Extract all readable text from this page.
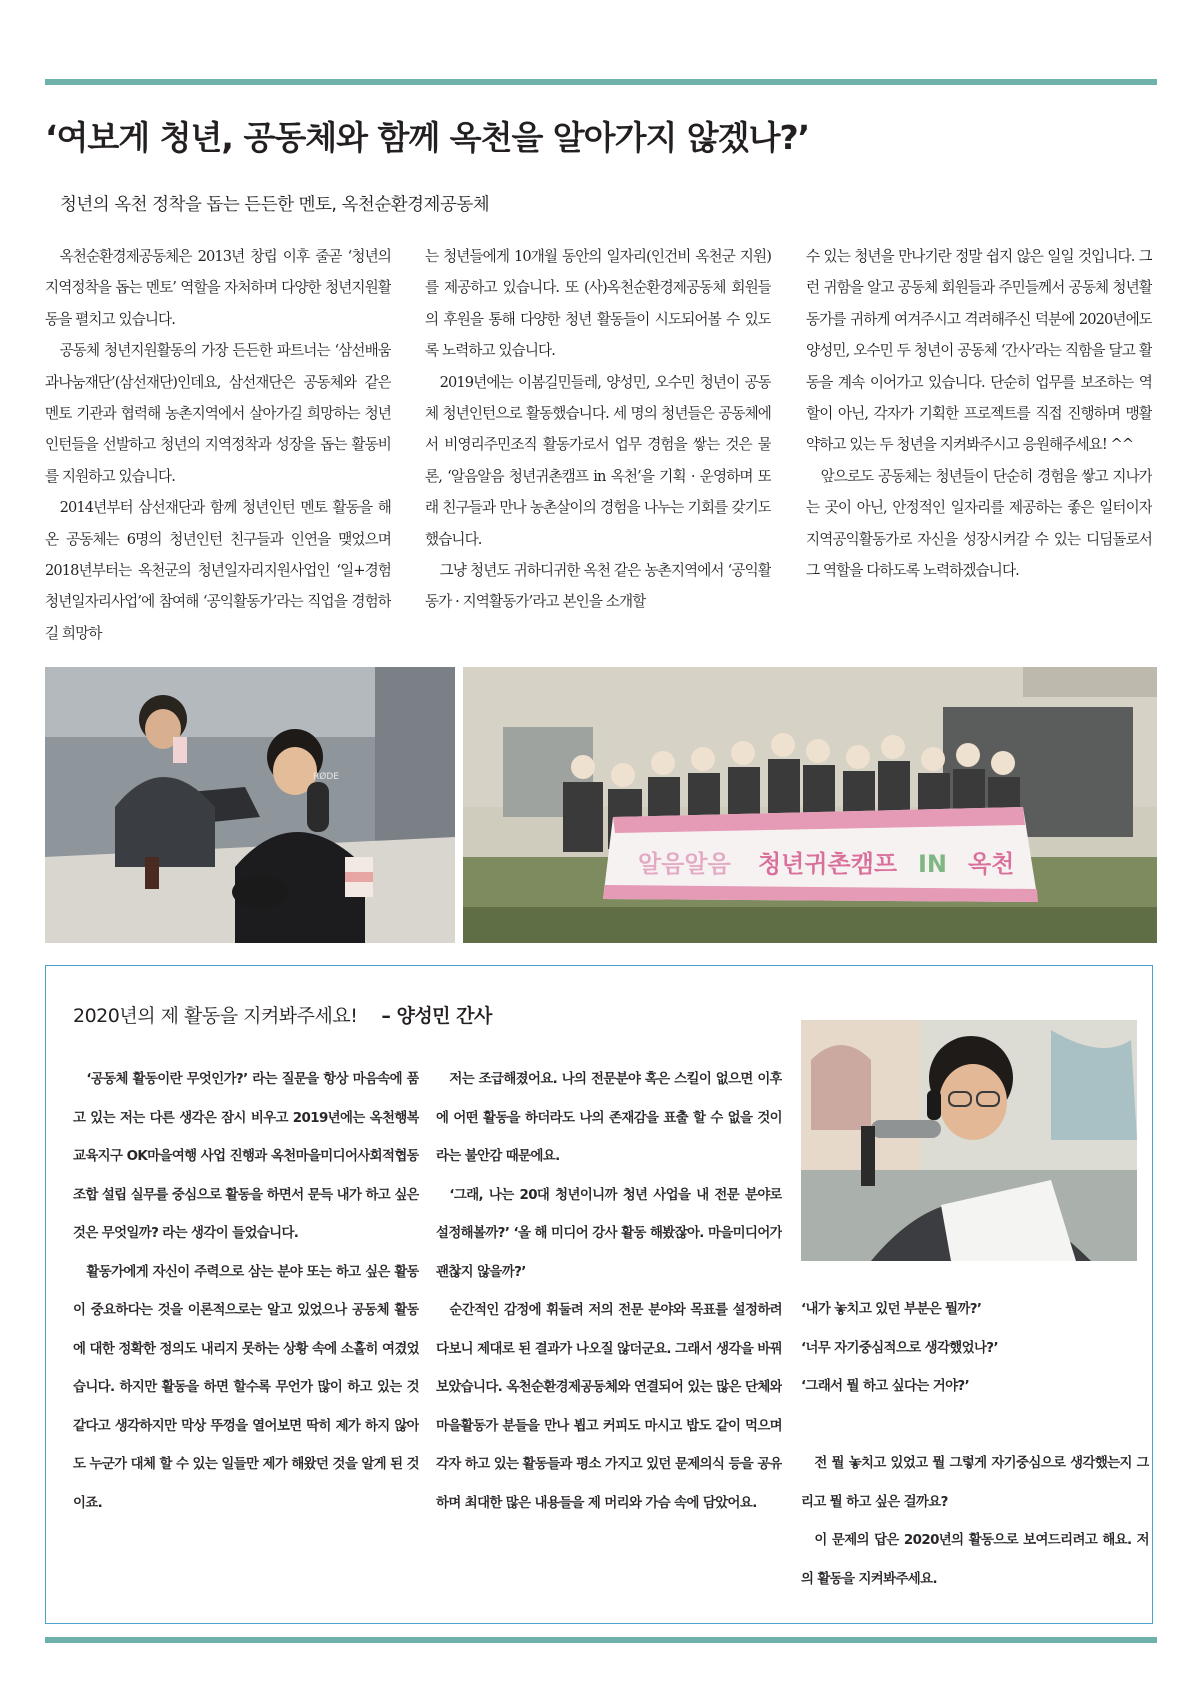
‘여보게 청년, 공동체와 함께 옥천을 알아가지 않겠나?’

청년의 옥천 정착을 돕는 든든한 멘토, 옥천순환경제공동체

옥천순환경제공동체은 2013년 창립 이후 줄곧 ‘청년의 지역정착을 돕는 멘토’ 역할을 자처하며 다양한 청년지원활동을 펼치고 있습니다.

공동체 청년지원활동의 가장 든든한 파트너는 ‘삼선배움과나눔재단’(삼선재단)인데요, 삼선재단은 공동체와 같은 멘토 기관과 협력해 농촌지역에서 살아가길 희망하는 청년인턴들을 선발하고 청년의 지역정착과 성장을 돕는 활동비를 지원하고 있습니다.

2014년부터 삼선재단과 함께 청년인턴 멘토 활동을 해온 공동체는 6명의 청년인턴 친구들과 인연을 맺었으며 2018년부터는 옥천군의 청년일자리지원사업인 ‘일+경험청년일자리사업’에 참여해 ‘공익활동가’라는 직업을 경험하길 희망하

는 청년들에게 10개월 동안의 일자리(인건비 옥천군 지원)를 제공하고 있습니다. 또 (사)옥천순환경제공동체 회원들의 후원을 통해 다양한 청년 활동들이 시도되어볼 수 있도록 노력하고 있습니다.

2019년에는 이봄길민들레, 양성민, 오수민 청년이 공동체 청년인턴으로 활동했습니다. 세 명의 청년들은 공동체에서 비영리주민조직 활동가로서 업무 경험을 쌓는 것은 물론, ‘알음알음 청년귀촌캠프 in 옥천’을 기획 · 운영하며 또래 친구들과 만나 농촌살이의 경험을 나누는 기회를 갖기도 했습니다.

그냥 청년도 귀하디귀한 옥천 같은 농촌지역에서 ‘공익활동가 · 지역활동가’라고 본인을 소개할

수 있는 청년을 만나기란 정말 쉽지 않은 일일 것입니다. 그런 귀함을 알고 공동체 회원들과 주민들께서 공동체 청년활동가를 귀하게 여겨주시고 격려해주신 덕분에 2020년에도 양성민, 오수민 두 청년이 공동체 ‘간사’라는 직함을 달고 활동을 계속 이어가고 있습니다. 단순히 업무를 보조하는 역할이 아닌, 각자가 기획한 프로젝트를 직접 진행하며 맹활약하고 있는 두 청년을 지켜봐주시고 응원해주세요! ^^

앞으로도 공동체는 청년들이 단순히 경험을 쌓고 지나가는 곳이 아닌, 안정적인 일자리를 제공하는 좋은 일터이자 지역공익활동가로 자신을 성장시켜갈 수 있는 디딤돌로서 그 역할을 다하도록 노력하겠습니다.

RØDE
알음알음 청년귀촌캠프 IN 옥천

2020년의 제 활동을 지켜봐주세요! – 양성민 간사

‘공동체 활동이란 무엇인가?’ 라는 질문을 항상 마음속에 품고 있는 저는 다른 생각은 잠시 비우고 2019년에는 옥천행복교육지구 OK마을여행 사업 진행과 옥천마을미디어사회적협동조합 설립 실무를 중심으로 활동을 하면서 문득 내가 하고 싶은 것은 무엇일까? 라는 생각이 들었습니다.

활동가에게 자신이 주력으로 삼는 분야 또는 하고 싶은 활동이 중요하다는 것을 이론적으로는 알고 있었으나 공동체 활동에 대한 정확한 정의도 내리지 못하는 상황 속에 소홀히 여겼었습니다. 하지만 활동을 하면 할수록 무언가 많이 하고 있는 것 같다고 생각하지만 막상 뚜껑을 열어보면 딱히 제가 하지 않아도 누군가 대체 할 수 있는 일들만 제가 해왔던 것을 알게 된 것이죠.

저는 조급해졌어요. 나의 전문분야 혹은 스킬이 없으면 이후에 어떤 활동을 하더라도 나의 존재감을 표출 할 수 없을 것이라는 불안감 때문에요.

‘그래, 나는 20대 청년이니까 청년 사업을 내 전문 분야로 설정해볼까?’ ‘올 해 미디어 강사 활동 해봤잖아. 마을미디어가 괜찮지 않을까?’

순간적인 감정에 휘둘려 저의 전문 분야와 목표를 설정하려다보니 제대로 된 결과가 나오질 않더군요. 그래서 생각을 바꿔 보았습니다. 옥천순환경제공동체와 연결되어 있는 많은 단체와 마을활동가 분들을 만나 뵙고 커피도 마시고 밥도 같이 먹으며 각자 하고 있는 활동들과 평소 가지고 있던 문제의식 등을 공유하며 최대한 많은 내용들을 제 머리와 가슴 속에 담았어요.

‘내가 놓치고 있던 부분은 뭘까?’

‘너무 자기중심적으로 생각했었나?’

‘그래서 뭘 하고 싶다는 거야?’

전 뭘 놓치고 있었고 뭘 그렇게 자기중심으로 생각했는지 그리고 뭘 하고 싶은 걸까요?

이 문제의 답은 2020년의 활동으로 보여드리려고 해요. 저의 활동을 지켜봐주세요.
